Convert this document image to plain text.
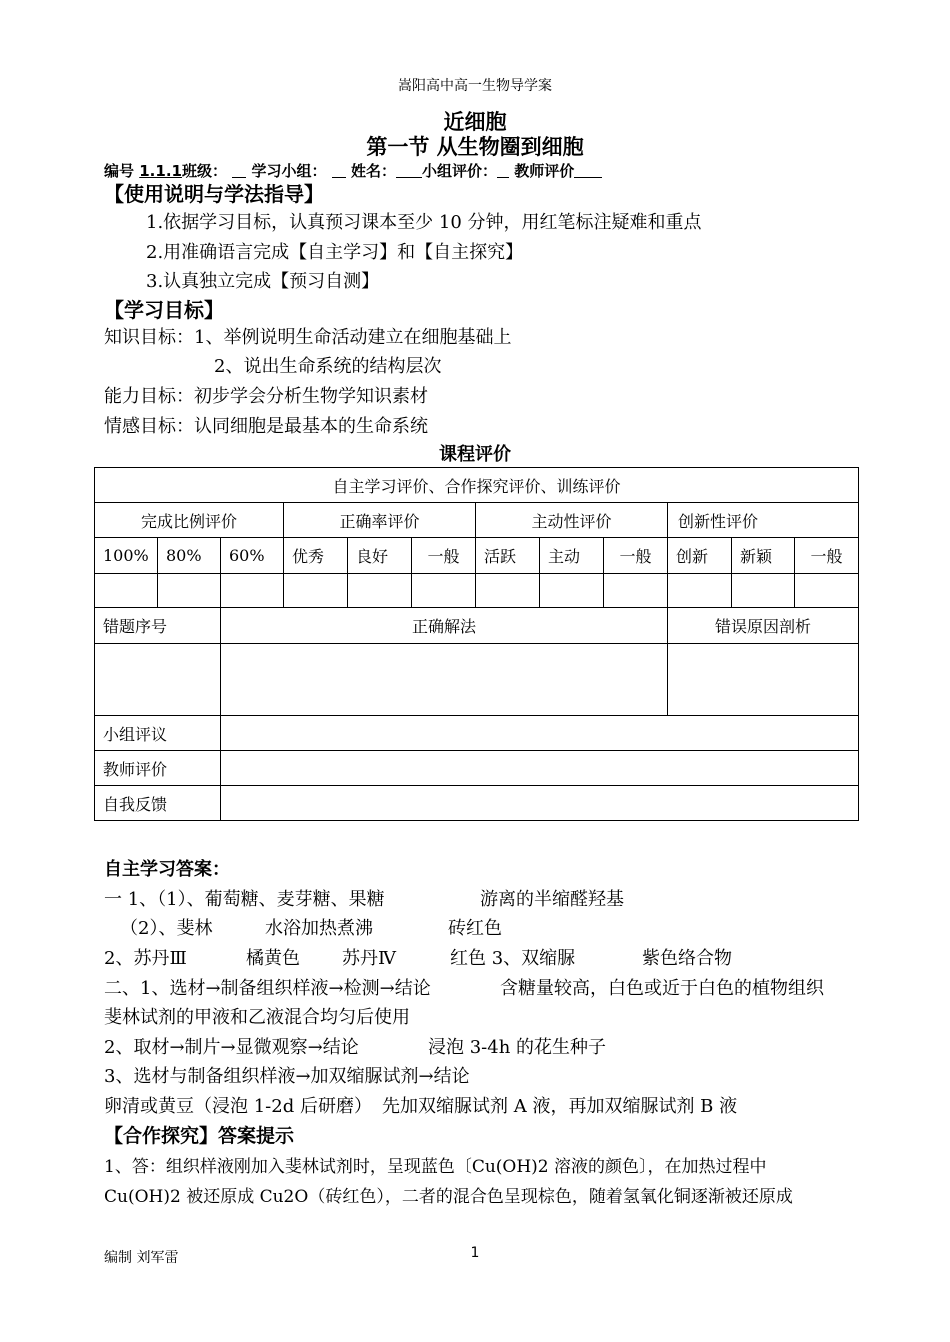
嵩阳高中高一生物导学案
近细胞
第一节 从生物圈到细胞
编号 1.1.1班级： 学习小组： 姓名： 小组评价： 教师评价
【使用说明与学法指导】
1.依据学习目标，认真预习课本至少 10 分钟，用红笔标注疑难和重点
2.用准确语言完成【自主学习】和【自主探究】
3.认真独立完成【预习自测】
【学习目标】
知识目标：1、举例说明生命活动建立在细胞基础上
2、说出生命系统的结构层次
能力目标：初步学会分析生物学知识素材
情感目标：认同细胞是最基本的生命系统
课程评价
自主学习评价、合作探究评价、训练评价											
完成比例评价			正确率评价			主动性评价			创新性评价		
100%	80%	60%	优秀	良好	一般	活跃	主动	一般	创新	新颖	一般

错题序号		正确解法							错误原因剖析		

小组评议											
教师评价											
自我反馈											
自主学习答案：
一 1、（1）、葡萄糖、麦芽糖、果糖	游离的半缩醛羟基
（2）、斐林	水浴加热煮沸	砖红色
2、苏丹Ⅲ	橘黄色 苏丹Ⅳ	红色 3、双缩脲	紫色络合物
二、1、选材→制备组织样液→检测→结论	含糖量较高，白色或近于白色的植物组织
斐林试剂的甲液和乙液混合均匀后使用
2、取材→制片→显微观察→结论	浸泡 3-4h 的花生种子
3、选材与制备组织样液→加双缩脲试剂→结论
卵清或黄豆（浸泡 1-2d 后研磨） 先加双缩脲试剂 A 液，再加双缩脲试剂 B 液
【合作探究】答案提示
1、答：组织样液刚加入斐林试剂时，呈现蓝色〔Cu(OH)2 溶液的颜色〕，在加热过程中
Cu(OH)2 被还原成 Cu2O（砖红色），二者的混合色呈现棕色，随着氢氧化铜逐渐被还原成
编制 刘军雷	1
